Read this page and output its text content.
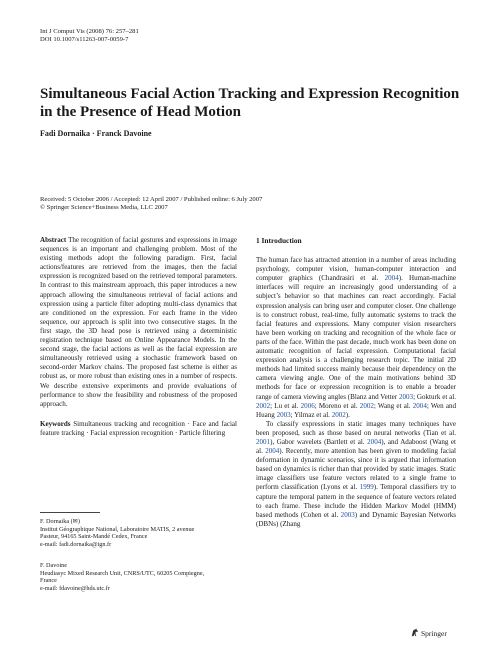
Int J Comput Vis (2008) 76: 257–281
DOI 10.1007/s11263-007-0059-7
Simultaneous Facial Action Tracking and Expression Recognition in the Presence of Head Motion
Fadi Dornaika · Franck Davoine
Received: 5 October 2006 / Accepted: 12 April 2007 / Published online: 6 July 2007
© Springer Science+Business Media, LLC 2007

Abstract The recognition of facial gestures and expressions in image sequences is an important and challenging problem. Most of the existing methods adopt the following paradigm. First, facial actions/features are retrieved from the images, then the facial expression is recognized based on the retrieved temporal parameters. In contrast to this mainstream approach, this paper introduces a new approach allowing the simultaneous retrieval of facial actions and expression using a particle filter adopting multi-class dynamics that are conditioned on the expression. For each frame in the video sequence, our approach is split into two consecutive stages. In the first stage, the 3D head pose is retrieved using a deterministic registration technique based on Online Appearance Models. In the second stage, the facial actions as well as the facial expression are simultaneously retrieved using a stochastic framework based on second-order Markov chains. The proposed fast scheme is either as robust as, or more robust than existing ones in a number of respects. We describe extensive experiments and provide evaluations of performance to show the feasibility and robustness of the proposed approach.

Keywords Simultaneous tracking and recognition · Face and facial feature tracking · Facial expression recognition · Particle filtering

F. Dornaika (✉)
Institut Géographique National, Laboratoire MATIS, 2 avenue
Pasteur, 94165 Saint-Mandé Cedex, France
e-mail: fadi.dornaika@ign.fr
F. Davoine
Heudiasyc Mixed Research Unit, CNRS/UTC, 60205 Compiegne,
France
e-mail: fdavoine@hds.utc.fr
1 Introduction

The human face has attracted attention in a number of areas including psychology, computer vision, human-computer interaction and computer graphics (Chandrasiri et al. 2004). Human-machine interfaces will require an increasingly good understanding of a subject’s behavior so that machines can react accordingly. Facial expression analysis can bring user and computer closer. One challenge is to construct robust, real-time, fully automatic systems to track the facial features and expressions. Many computer vision researchers have been working on tracking and recognition of the whole face or parts of the face. Within the past decade, much work has been done on automatic recognition of facial expression. Computational facial expression analysis is a challenging research topic. The initial 2D methods had limited success mainly because their dependency on the camera viewing angle. One of the main motivations behind 3D methods for face or expression recognition is to enable a broader range of camera viewing angles (Blanz and Vetter 2003; Gokturk et al. 2002; Lu et al. 2006; Moreno et al. 2002; Wang et al. 2004; Wen and Huang 2003; Yilmaz et al. 2002).

To classify expressions in static images many techniques have been proposed, such as those based on neural networks (Tian et al. 2001), Gabor wavelets (Bartlett et al. 2004), and Adaboost (Wang et al. 2004). Recently, more attention has been given to modeling facial deformation in dynamic scenarios, since it is argued that information based on dynamics is richer than that provided by static images. Static image classifiers use feature vectors related to a single frame to perform classification (Lyons et al. 1999). Temporal classifiers try to capture the temporal pattern in the sequence of feature vectors related to each frame. These include the Hidden Markov Model (HMM) based methods (Cohen et al. 2003) and Dynamic Bayesian Networks (DBNs) (Zhang

Springer
